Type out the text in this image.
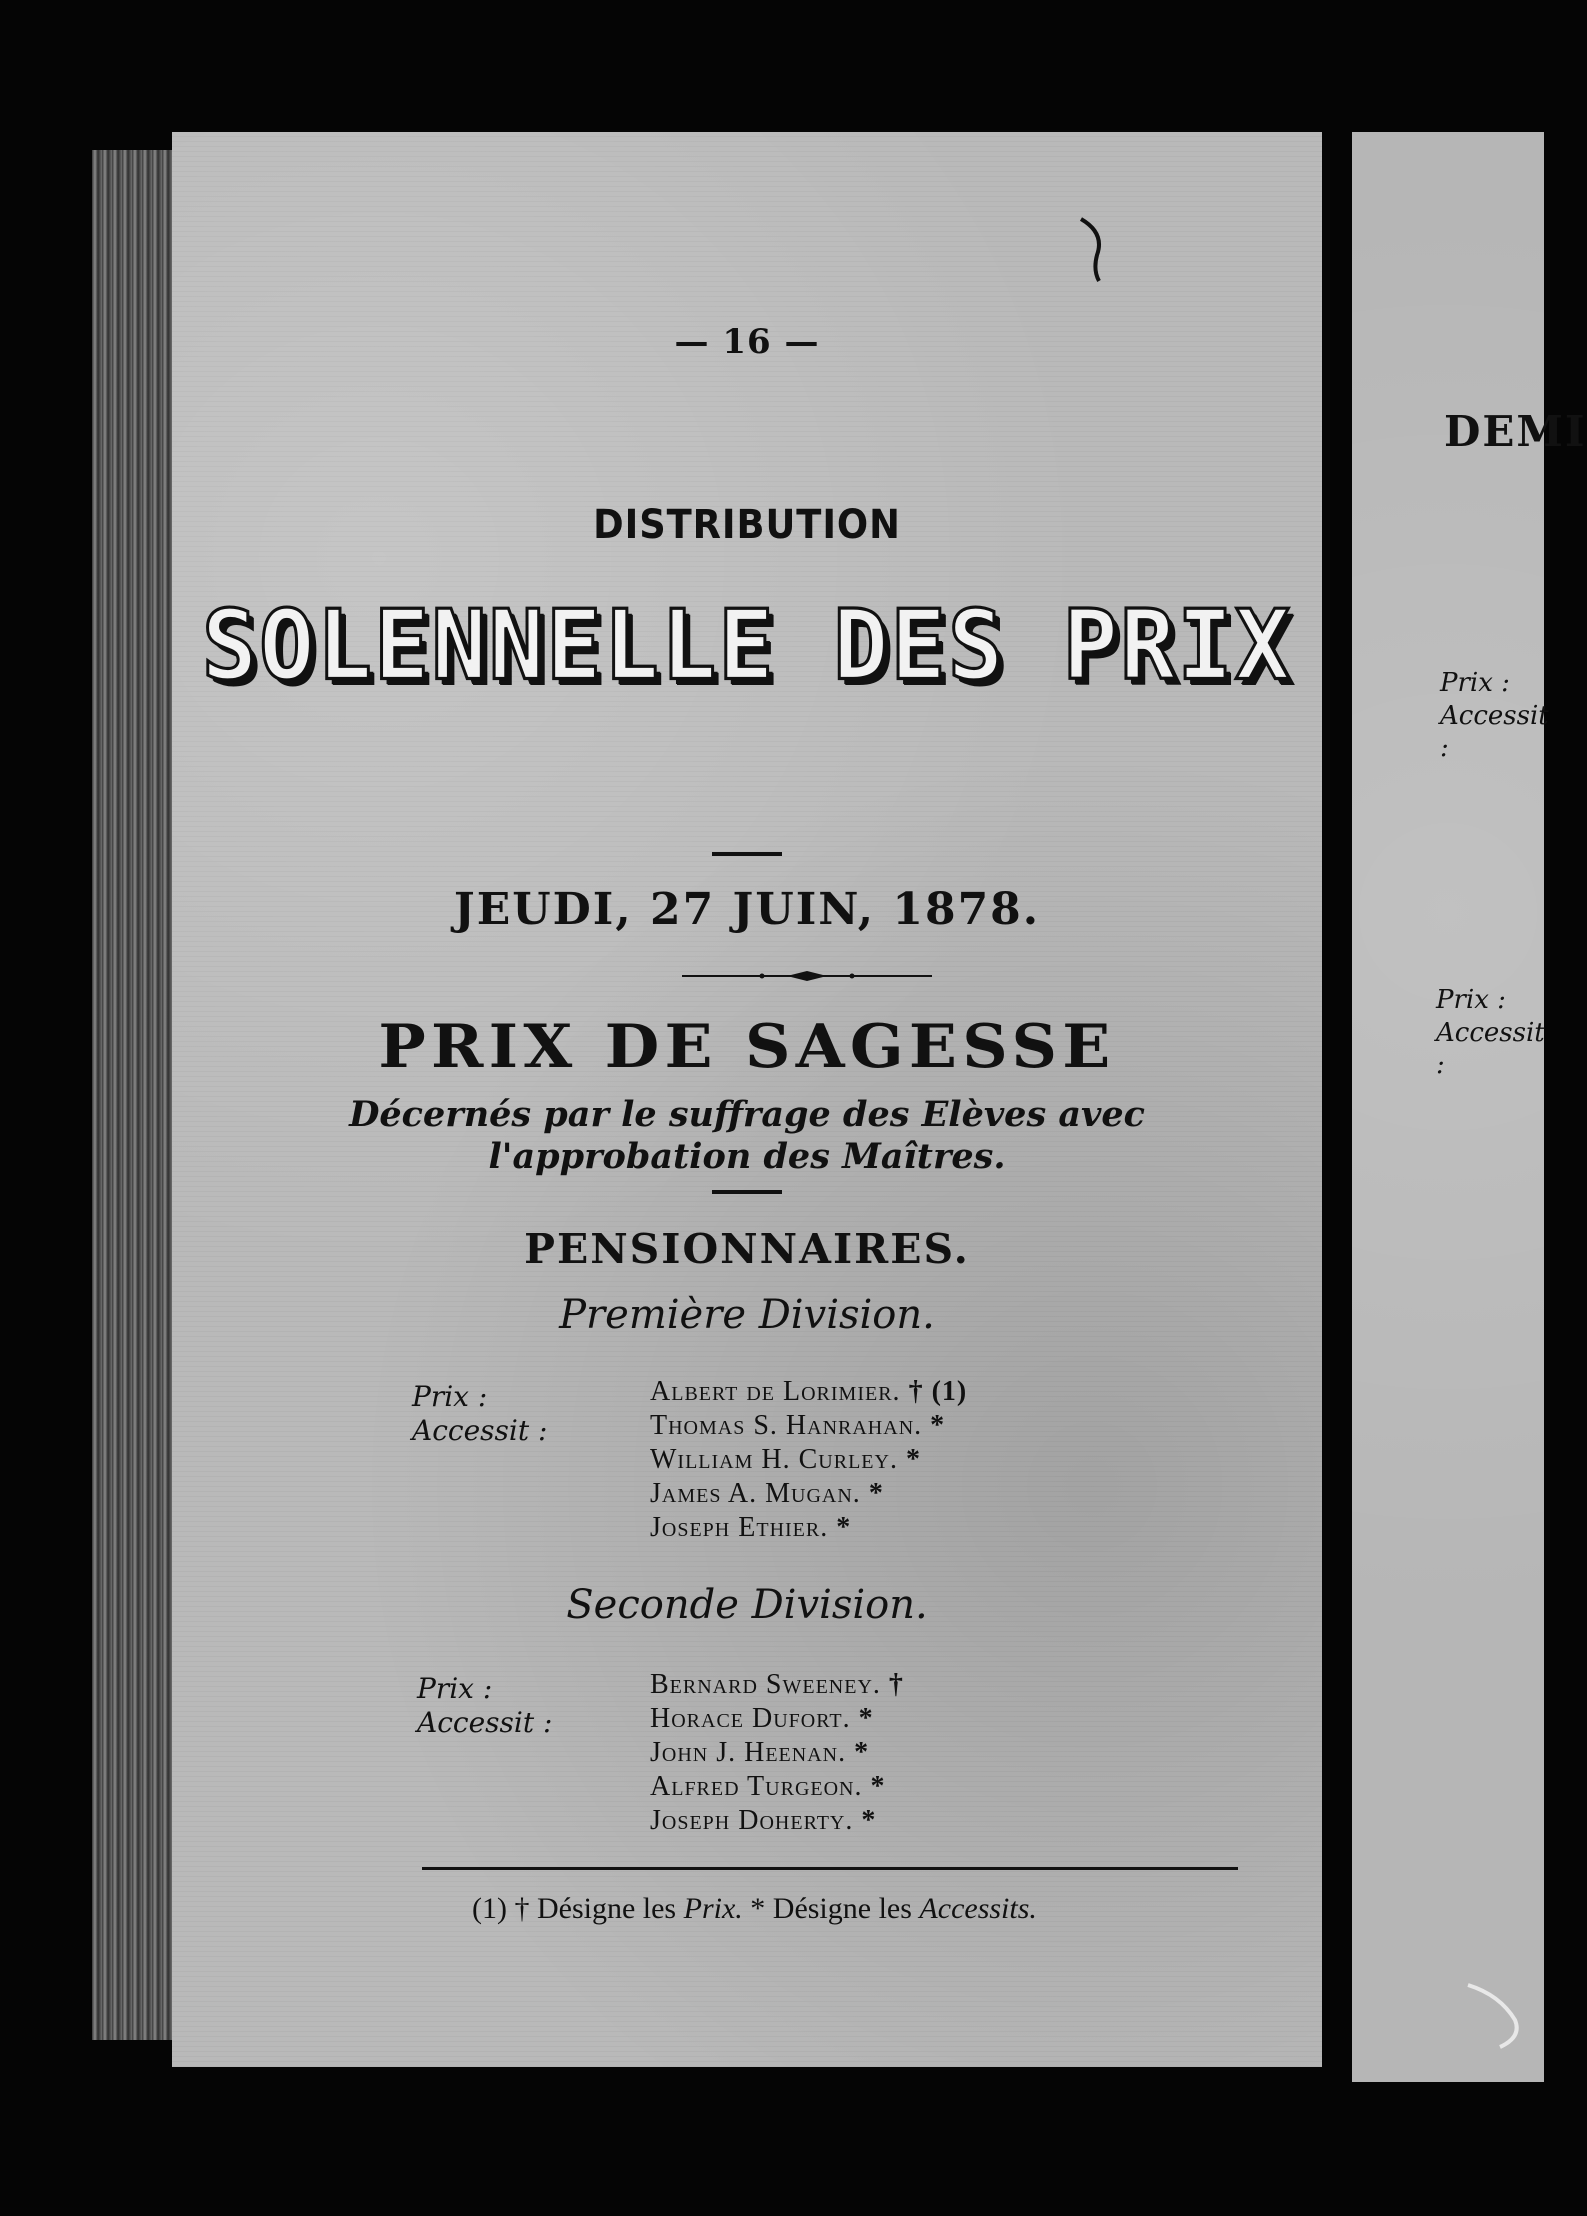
— 16 —
DISTRIBUTION
SOLENNELLE DES PRIX
JEUDI, 27 JUIN, 1878.
PRIX DE SAGESSE
Décernés par le suffrage des Elèves avec
l'approbation des Maîtres.
PENSIONNAIRES.
Première Division.
Prix :
Accessit :
Albert de Lorimier. † (1)
Thomas S. Hanrahan. *
William H. Curley. *
James A. Mugan. *
Joseph Ethier. *
Seconde Division.
Prix :
Accessit :
Bernard Sweeney. †
Horace Dufort. *
John J. Heenan. *
Alfred Turgeon. *
Joseph Doherty. *
(1) † Désigne les Prix. * Désigne les Accessits.
DEMI
Prix :
Accessit :
Prix :
Accessit :
